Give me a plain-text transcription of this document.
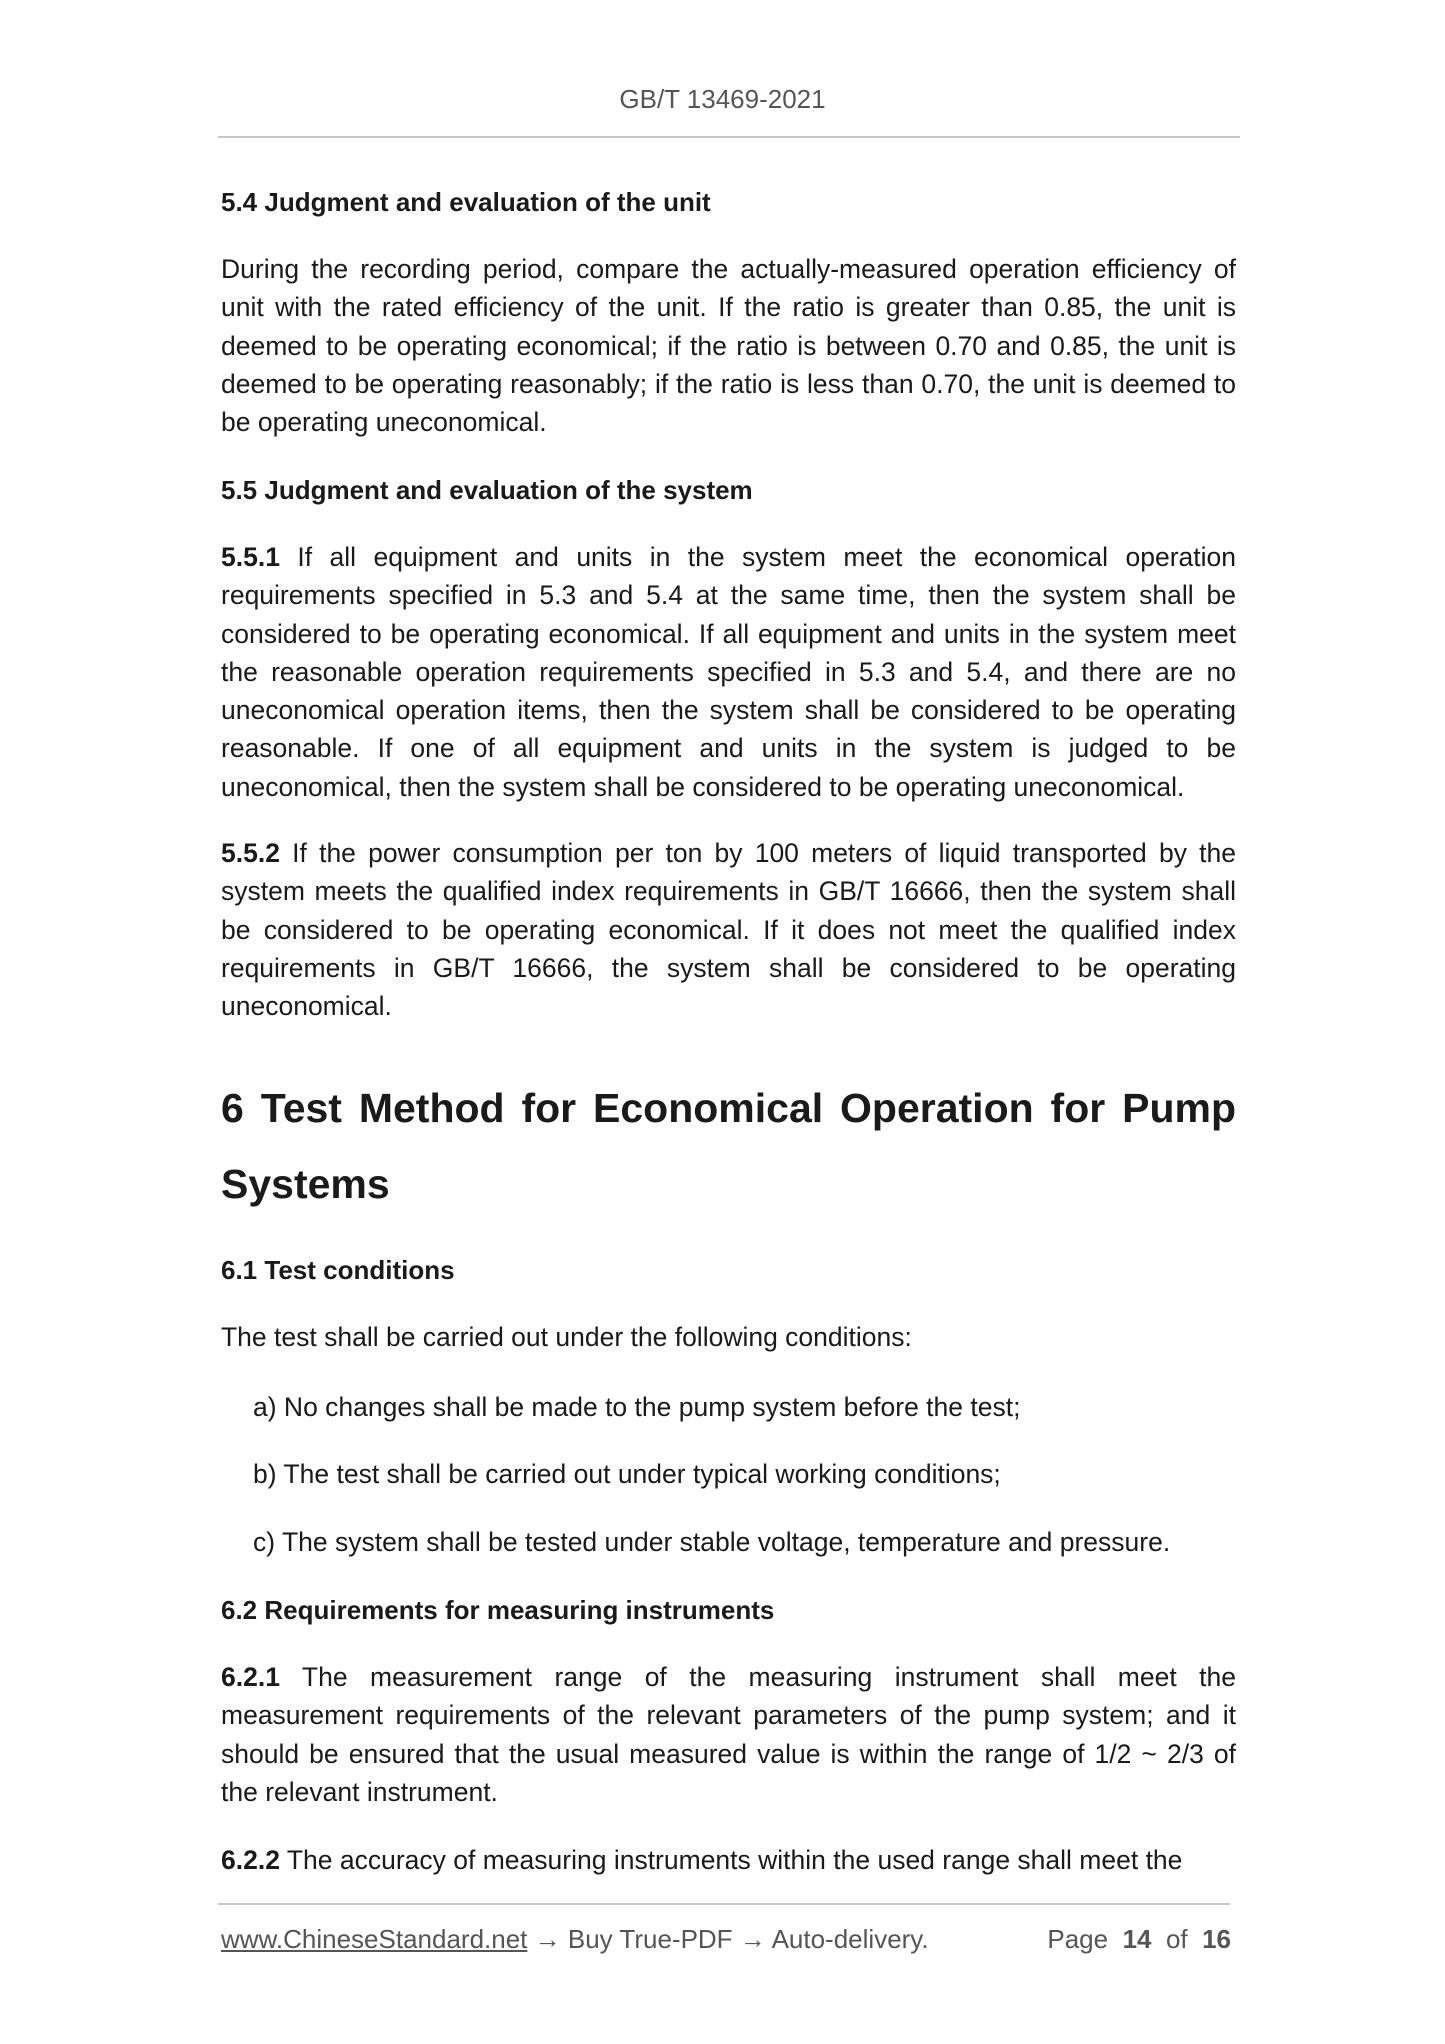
GB/T 13469-2021
5.4 Judgment and evaluation of the unit

During the recording period, compare the actually-measured operation efficiency of unit with the rated efficiency of the unit. If the ratio is greater than 0.85, the unit is deemed to be operating economical; if the ratio is between 0.70 and 0.85, the unit is deemed to be operating reasonably; if the ratio is less than 0.70, the unit is deemed to be operating uneconomical.

5.5 Judgment and evaluation of the system

5.5.1 If all equipment and units in the system meet the economical operation requirements specified in 5.3 and 5.4 at the same time, then the system shall be considered to be operating economical. If all equipment and units in the system meet the reasonable operation requirements specified in 5.3 and 5.4, and there are no uneconomical operation items, then the system shall be considered to be operating reasonable. If one of all equipment and units in the system is judged to be uneconomical, then the system shall be considered to be operating uneconomical.

5.5.2 If the power consumption per ton by 100 meters of liquid transported by the system meets the qualified index requirements in GB/T 16666, then the system shall be considered to be operating economical. If it does not meet the qualified index requirements in GB/T 16666, the system shall be considered to be operating uneconomical.

6 Test Method for Economical Operation for Pump Systems
6.1 Test conditions

The test shall be carried out under the following conditions:

a) No changes shall be made to the pump system before the test;

b) The test shall be carried out under typical working conditions;

c) The system shall be tested under stable voltage, temperature and pressure.

6.2 Requirements for measuring instruments

6.2.1 The measurement range of the measuring instrument shall meet the measurement requirements of the relevant parameters of the pump system; and it should be ensured that the usual measured value is within the range of 1/2 ~ 2/3 of the relevant instrument.

6.2.2 The accuracy of measuring instruments within the used range shall meet the

www.ChineseStandard.net → Buy True-PDF → Auto-delivery.	Page 14 of 16
